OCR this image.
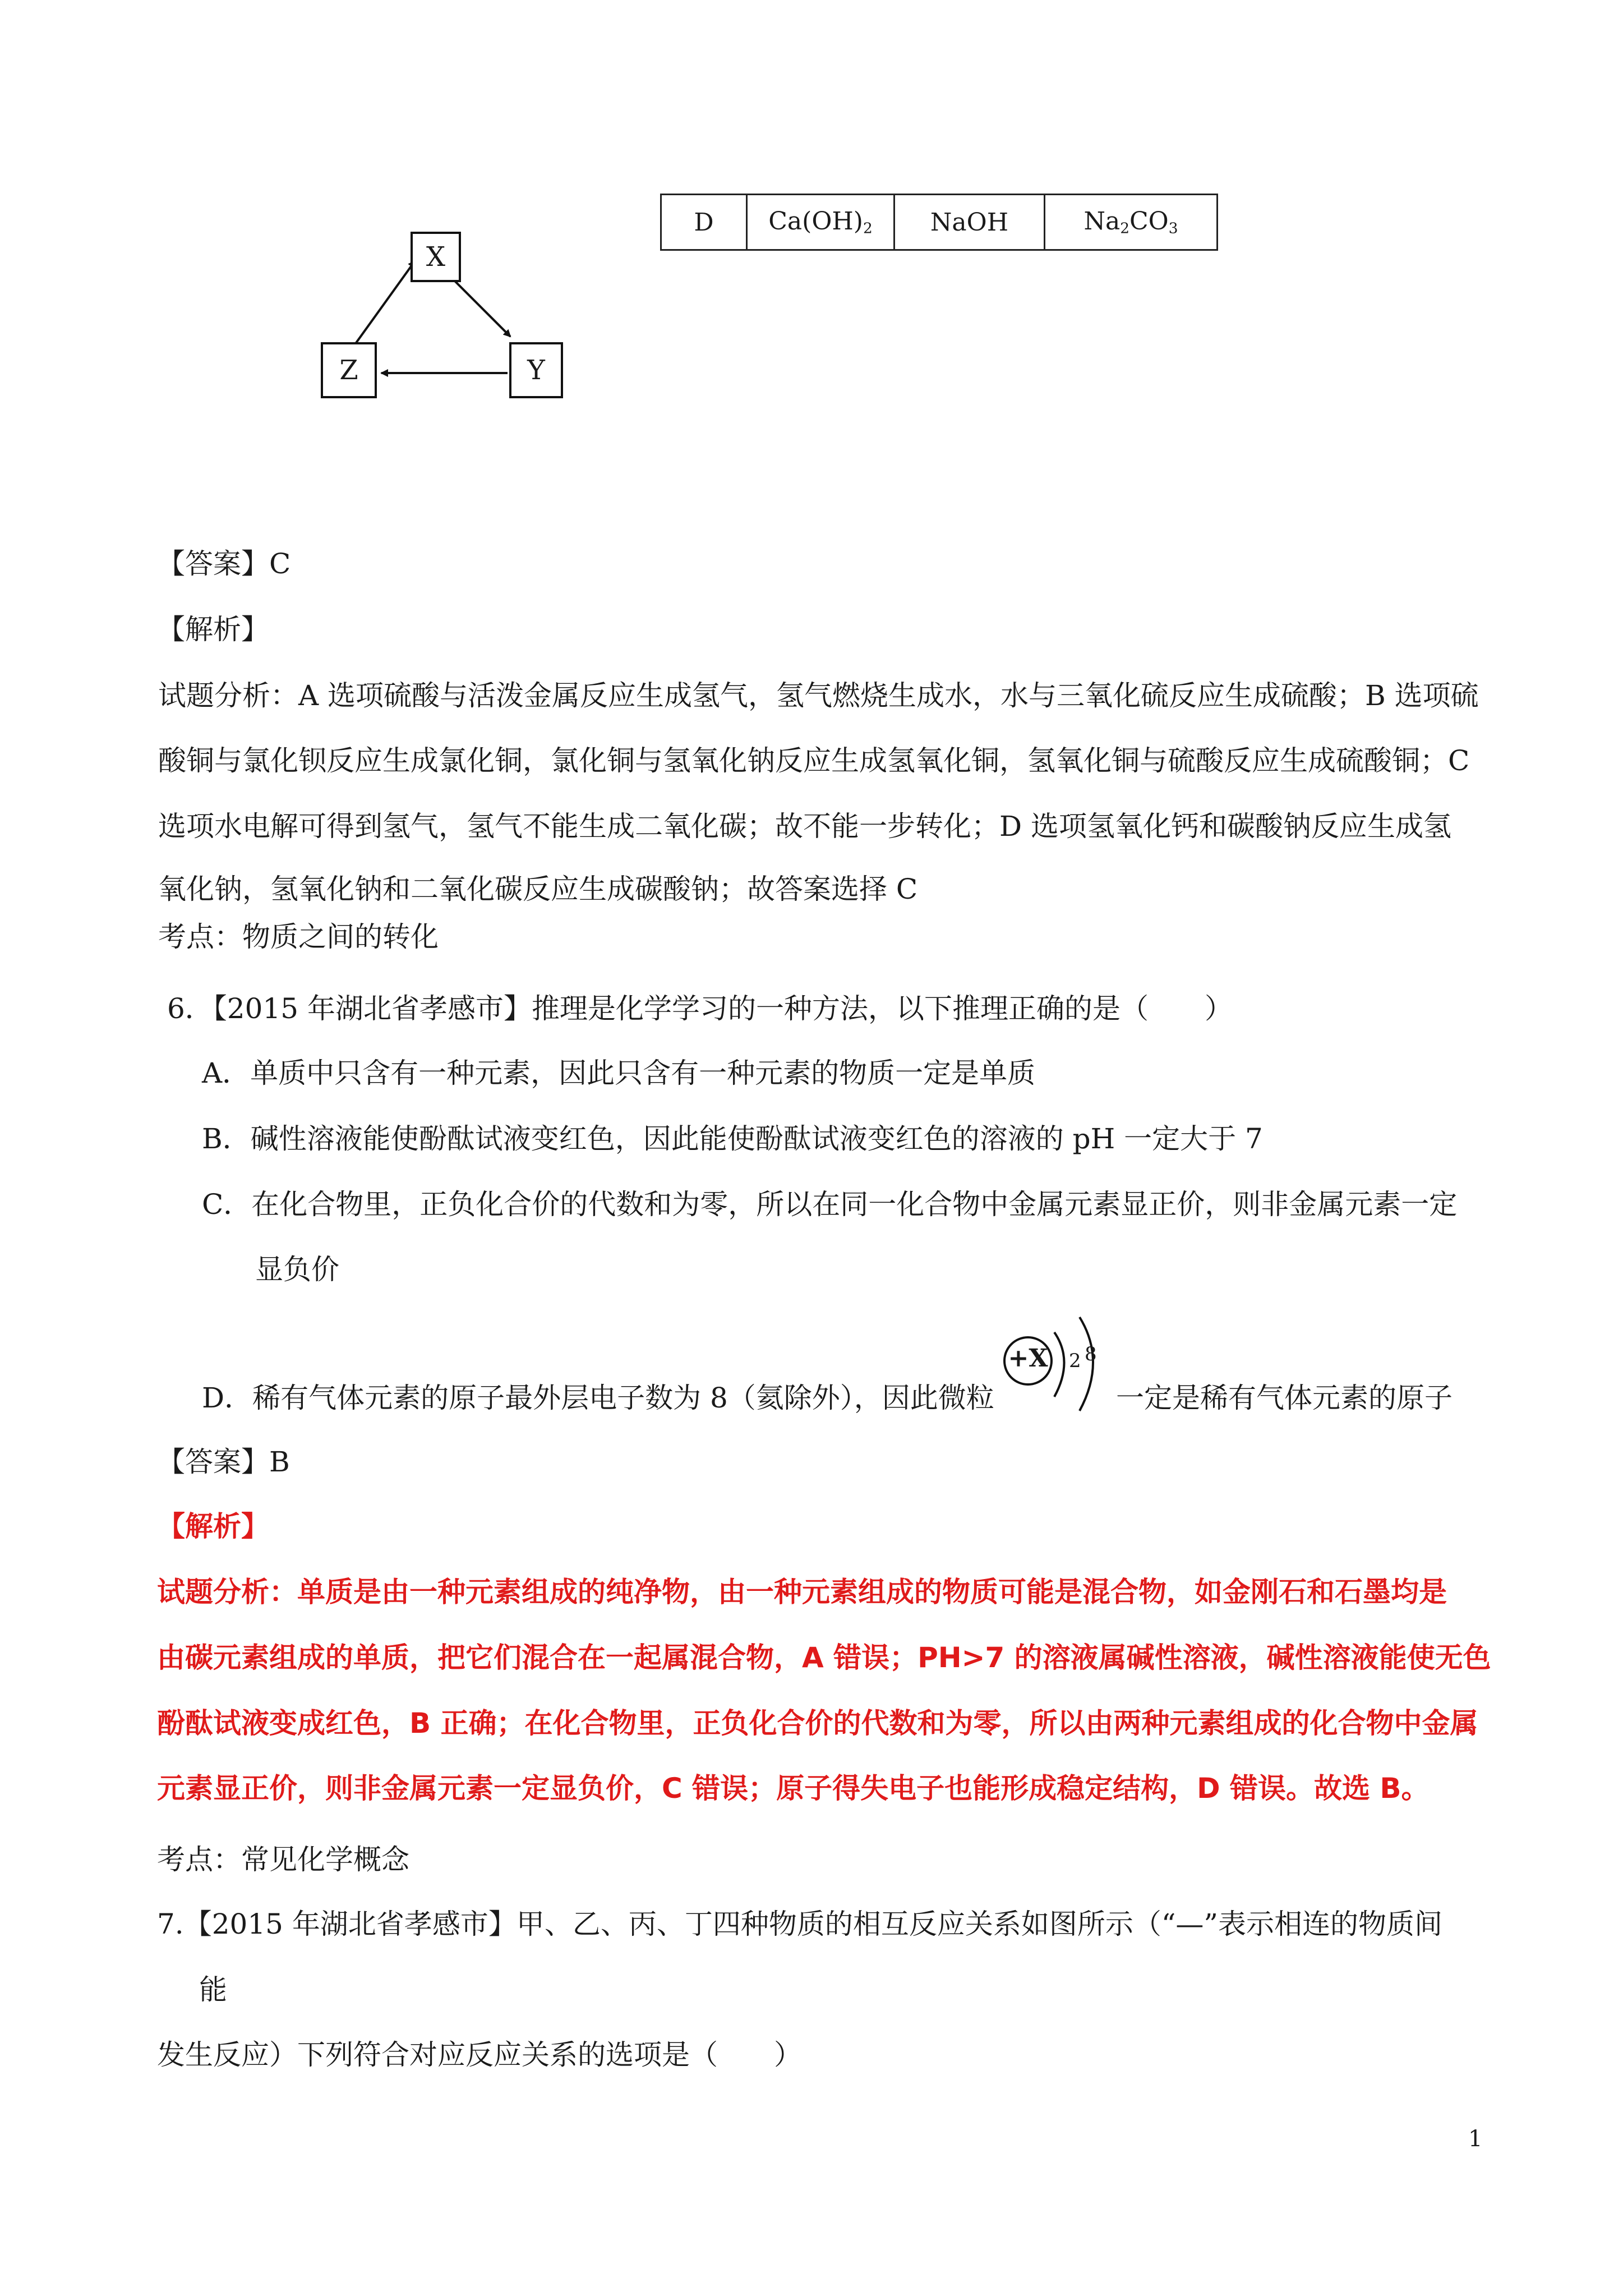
X
Y
Z
D	$Ca(OH)_2$	NaOH	$Na_2CO_3$
【答案】C
【解析】
试题分析：A 选项硫酸与活泼金属反应生成氢气，氢气燃烧生成水，水与三氧化硫反应生成硫酸；B 选项硫
酸铜与氯化钡反应生成氯化铜，氯化铜与氢氧化钠反应生成氢氧化铜，氢氧化铜与硫酸反应生成硫酸铜；C
选项水电解可得到氢气，氢气不能生成二氧化碳；故不能一步转化；D 选项氢氧化钙和碳酸钠反应生成氢
氧化钠，氢氧化钠和二氧化碳反应生成碳酸钠；故答案选择 C
考点：物质之间的转化
6．【2015 年湖北省孝感市】推理是化学学习的一种方法，以下推理正确的是（　　）
A．单质中只含有一种元素，因此只含有一种元素的物质一定是单质
B．碱性溶液能使酚酞试液变红色，因此能使酚酞试液变红色的溶液的 pH 一定大于 7
C．在化合物里，正负化合价的代数和为零，所以在同一化合物中金属元素显正价，则非金属元素一定
显负价
D．稀有气体元素的原子最外层电子数为 8（氦除外），因此微粒
+X 2 8
一定是稀有气体元素的原子
【答案】B
【解析】
试题分析：单质是由一种元素组成的纯净物，由一种元素组成的物质可能是混合物，如金刚石和石墨均是
由碳元素组成的单质，把它们混合在一起属混合物，A 错误；PH>7 的溶液属碱性溶液，碱性溶液能使无色
酚酞试液变成红色，B 正确；在化合物里，正负化合价的代数和为零，所以由两种元素组成的化合物中金属
元素显正价，则非金属元素一定显负价，C 错误；原子得失电子也能形成稳定结构，D 错误。故选 B。
考点：常见化学概念
7.【2015 年湖北省孝感市】甲、乙、丙、丁四种物质的相互反应关系如图所示（“—”表示相连的物质间
能
发生反应）下列符合对应反应关系的选项是（　　）
1
